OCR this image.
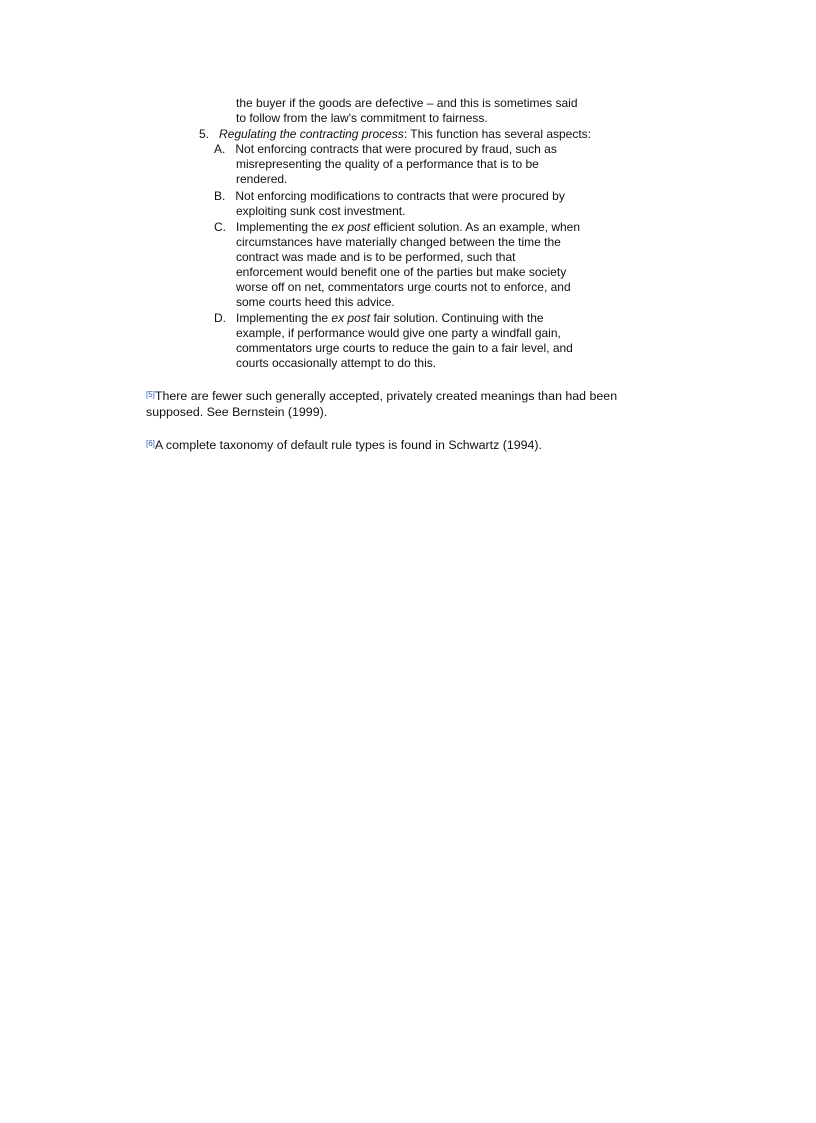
the buyer if the goods are defective – and this is sometimes said
to follow from the law's commitment to fairness.
5. Regulating the contracting process: This function has several aspects:
A. Not enforcing contracts that were procured by fraud, such as
misrepresenting the quality of a performance that is to be
rendered.
B. Not enforcing modifications to contracts that were procured by
exploiting sunk cost investment.
C. Implementing the ex post efficient solution. As an example, when
circumstances have materially changed between the time the
contract was made and is to be performed, such that
enforcement would benefit one of the parties but make society
worse off on net, commentators urge courts not to enforce, and
some courts heed this advice.
D. Implementing the ex post fair solution. Continuing with the
example, if performance would give one party a windfall gain,
commentators urge courts to reduce the gain to a fair level, and
courts occasionally attempt to do this.
[5]There are fewer such generally accepted, privately created meanings than had been
supposed. See Bernstein (1999).
[6]A complete taxonomy of default rule types is found in Schwartz (1994).
